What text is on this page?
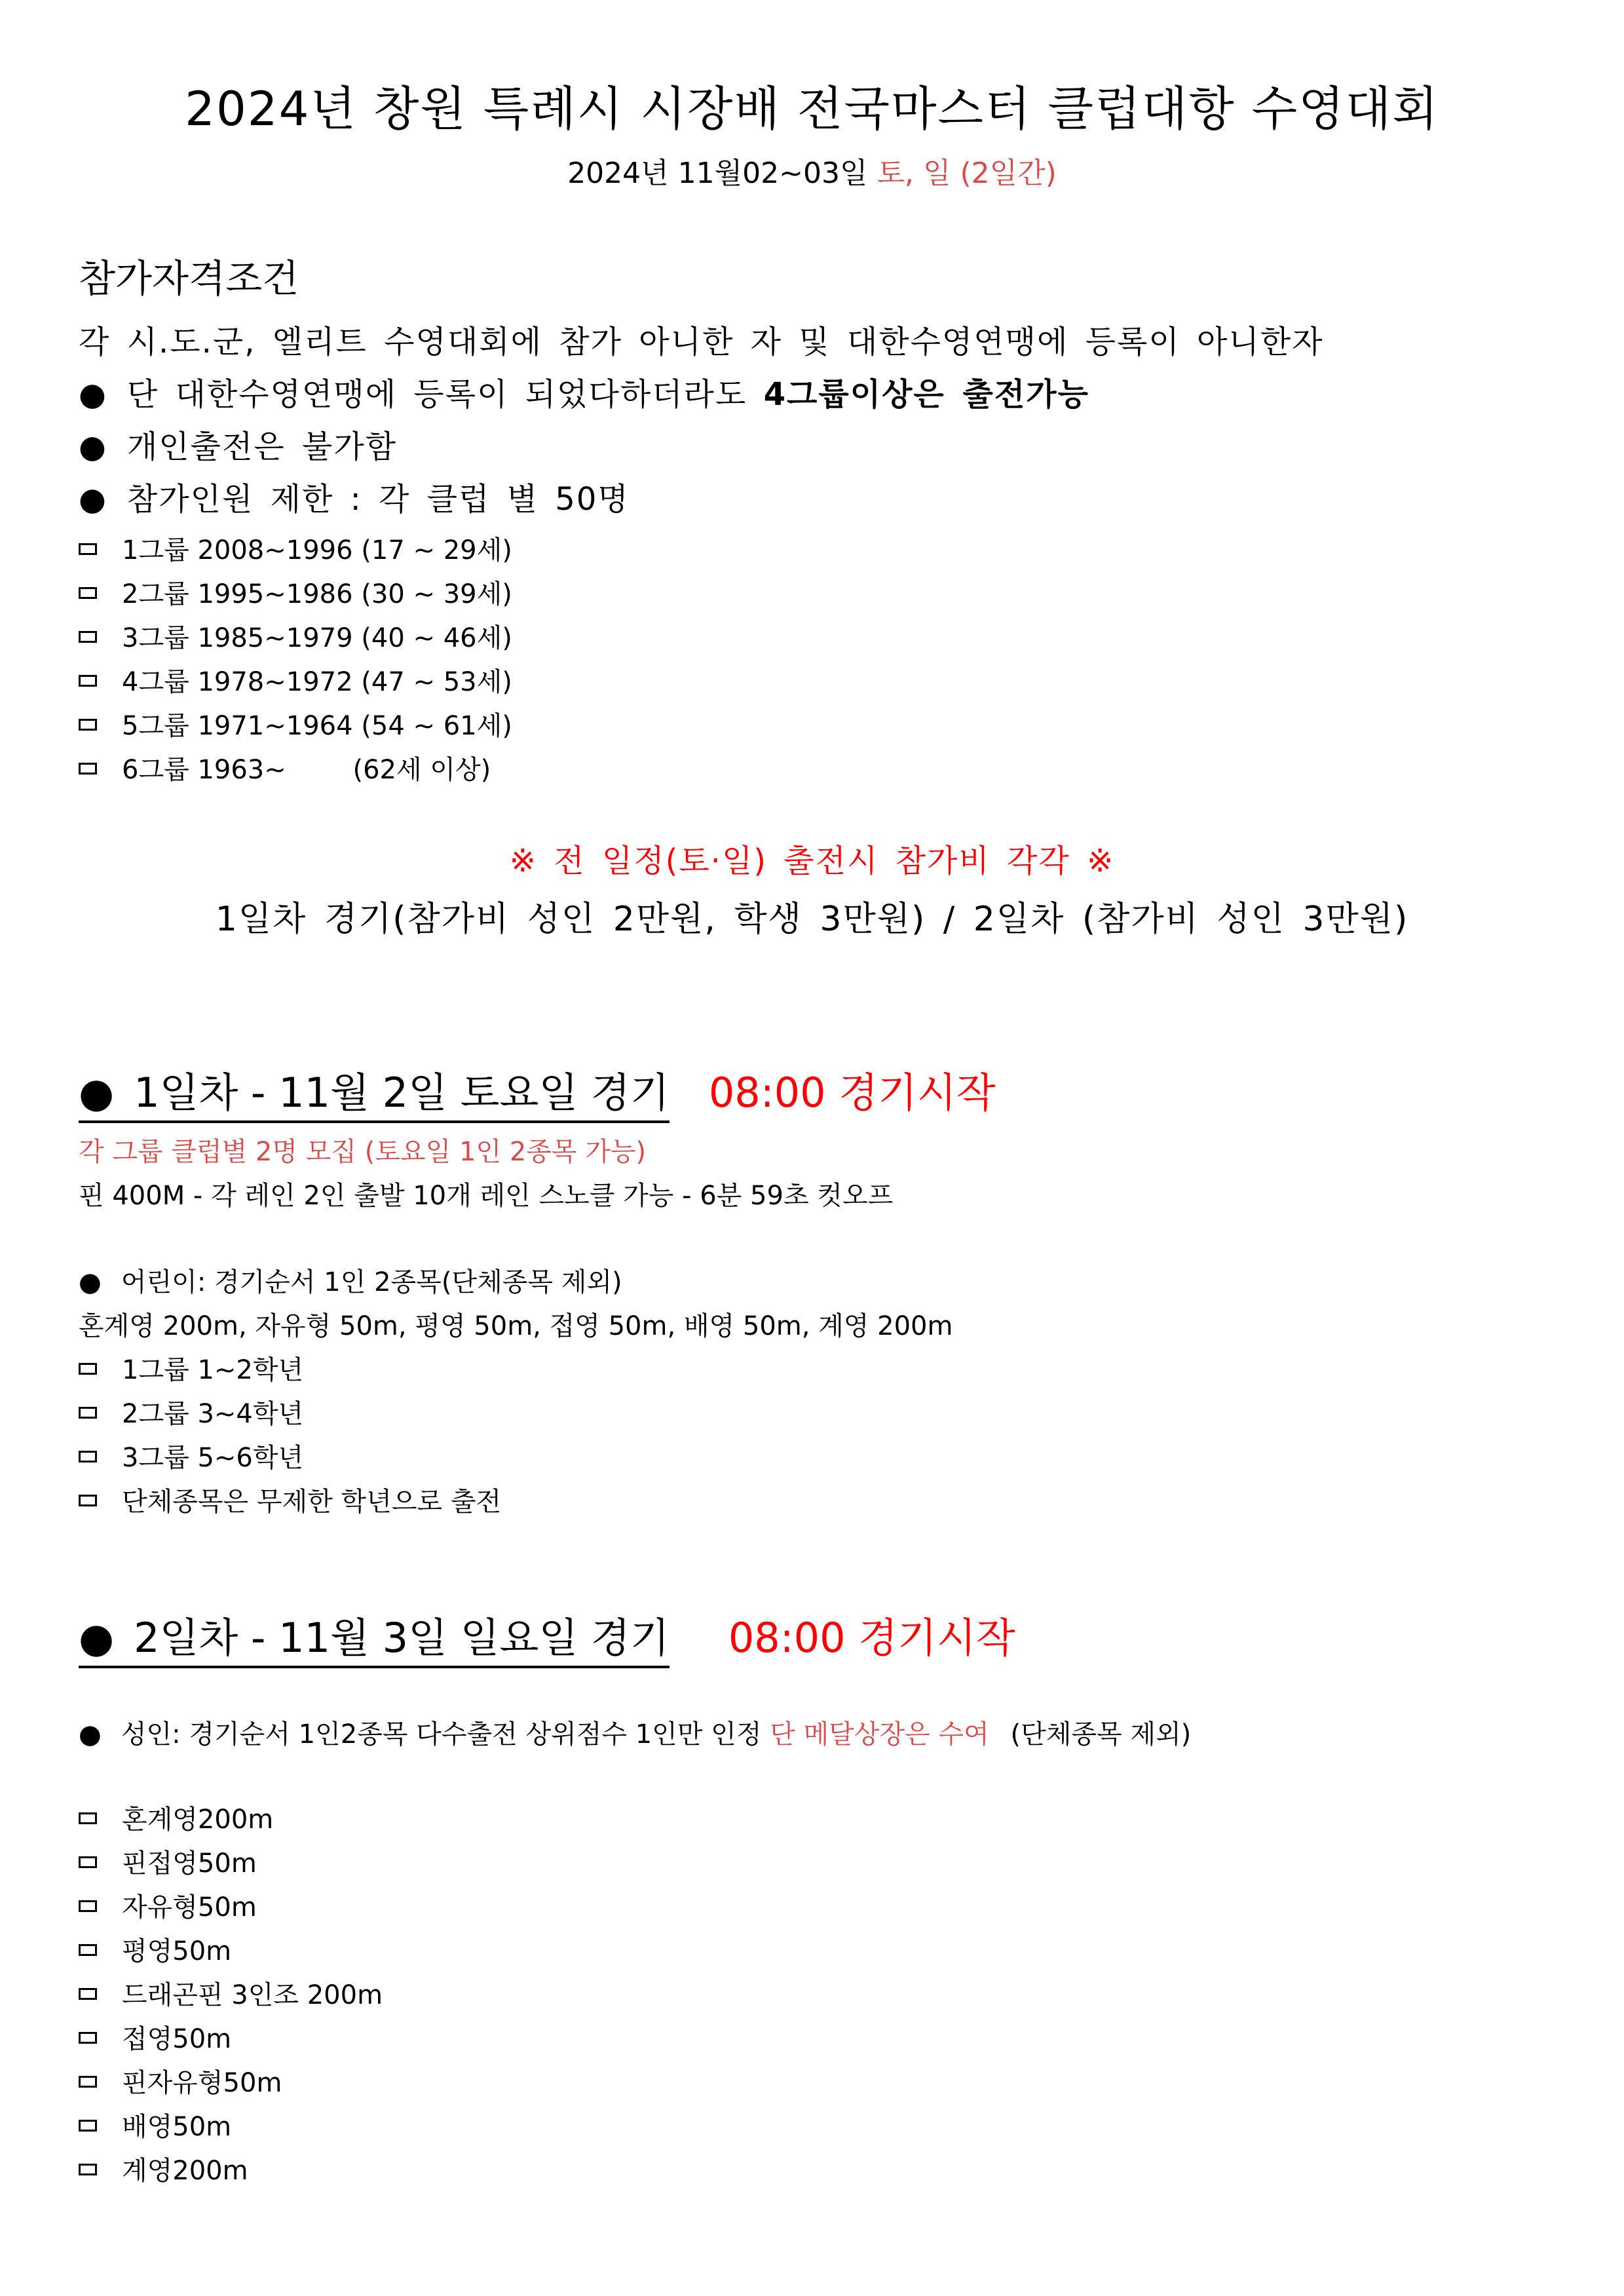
2024년 창원 특례시 시장배 전국마스터 클럽대항 수영대회
2024년 11월02~03일 토, 일 (2일간)
참가자격조건
각 시.도.군, 엘리트 수영대회에 참가 아니한 자 및 대한수영연맹에 등록이 아니한자
● 단 대한수영연맹에 등록이 되었다하더라도 4그룹이상은 출전가능
● 개인출전은 불가함
● 참가인원 제한 : 각 클럽 별 50명
1그룹 2008~1996 (17 ~ 29세)
2그룹 1995~1986 (30 ~ 39세)
3그룹 1985~1979 (40 ~ 46세)
4그룹 1978~1972 (47 ~ 53세)
5그룹 1971~1964 (54 ~ 61세)
6그룹 1963~        (62세 이상)
※ 전 일정(토·일) 출전시 참가비 각각 ※
1일차 경기(참가비 성인 2만원, 학생 3만원) / 2일차 (참가비 성인 3만원)
● 1일차 - 11월 2일 토요일 경기 08:00 경기시작
각 그룹 클럽별 2명 모집 (토요일 1인 2종목 가능)
핀 400M - 각 레인 2인 출발 10개 레인 스노클 가능 - 6분 59초 컷오프
● 어린이: 경기순서 1인 2종목(단체종목 제외)
혼계영 200m, 자유형 50m, 평영 50m, 접영 50m, 배영 50m, 계영 200m
1그룹 1~2학년
2그룹 3~4학년
3그룹 5~6학년
단체종목은 무제한 학년으로 출전
● 2일차 - 11월 3일 일요일 경기 08:00 경기시작
● 성인: 경기순서 1인2종목 다수출전 상위점수 1인만 인정 단 메달상장은 수여 (단체종목 제외)
혼계영200m
핀접영50m
자유형50m
평영50m
드래곤핀 3인조 200m
접영50m
핀자유형50m
배영50m
계영200m
